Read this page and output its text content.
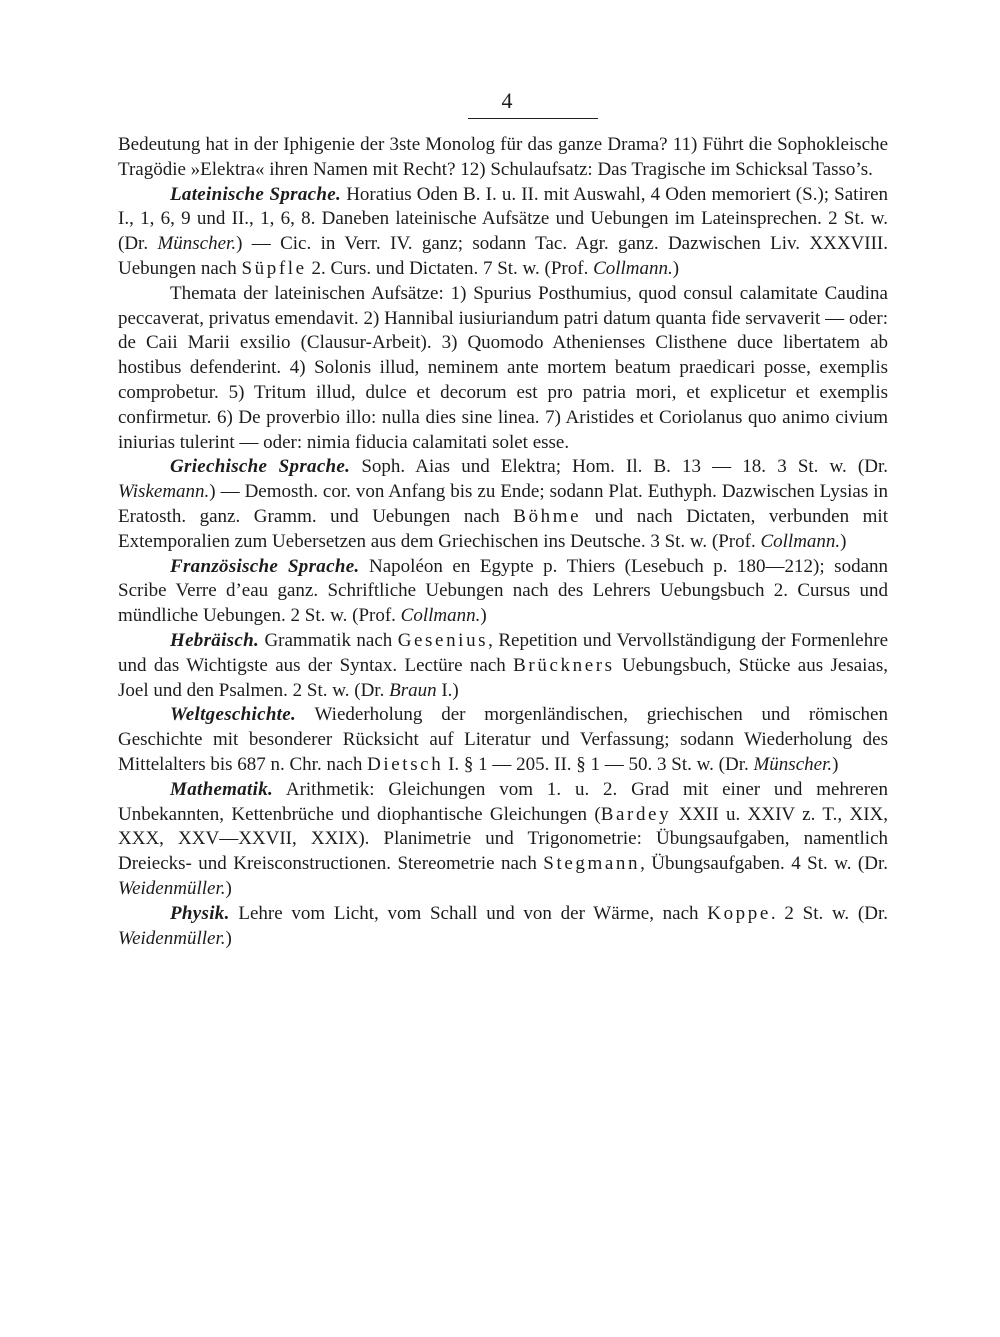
4

Bedeutung hat in der Iphigenie der 3ste Monolog für das ganze Drama? 11) Führt die Sophokleische Tragödie »Elektra« ihren Namen mit Recht? 12) Schulaufsatz: Das Tragische im Schicksal Tasso’s.

Lateinische Sprache. Horatius Oden B. I. u. II. mit Auswahl, 4 Oden memoriert (S.); Satiren I., 1, 6, 9 und II., 1, 6, 8. Daneben lateinische Aufsätze und Uebungen im Lateinsprechen. 2 St. w. (Dr. Münscher.) — Cic. in Verr. IV. ganz; sodann Tac. Agr. ganz. Dazwischen Liv. XXXVIII. Uebungen nach Süpfle 2. Curs. und Dictaten. 7 St. w. (Prof. Collmann.)

Themata der lateinischen Aufsätze: 1) Spurius Posthumius, quod consul calamitate Caudina peccaverat, privatus emendavit. 2) Hannibal iusiuriandum patri datum quanta fide servaverit — oder: de Caii Marii exsilio (Clausur-Arbeit). 3) Quomodo Athenienses Clisthene duce libertatem ab hostibus defenderint. 4) Solonis illud, neminem ante mortem beatum praedicari posse, exemplis comprobetur. 5) Tritum illud, dulce et decorum est pro patria mori, et explicetur et exemplis confirmetur. 6) De proverbio illo: nulla dies sine linea. 7) Aristides et Coriolanus quo animo civium iniurias tulerint — oder: nimia fiducia calamitati solet esse.

Griechische Sprache. Soph. Aias und Elektra; Hom. Il. B. 13 — 18. 3 St. w. (Dr. Wiskemann.) — Demosth. cor. von Anfang bis zu Ende; sodann Plat. Euthyph. Dazwischen Lysias in Eratosth. ganz. Gramm. und Uebungen nach Böhme und nach Dictaten, verbunden mit Extemporalien zum Uebersetzen aus dem Griechischen ins Deutsche. 3 St. w. (Prof. Collmann.)

Französische Sprache. Napoléon en Egypte p. Thiers (Lesebuch p. 180—212); sodann Scribe Verre d’eau ganz. Schriftliche Uebungen nach des Lehrers Uebungsbuch 2. Cursus und mündliche Uebungen. 2 St. w. (Prof. Collmann.)

Hebräisch. Grammatik nach Gesenius, Repetition und Vervollständigung der Formenlehre und das Wichtigste aus der Syntax. Lectüre nach Brückners Uebungsbuch, Stücke aus Jesaias, Joel und den Psalmen. 2 St. w. (Dr. Braun I.)

Weltgeschichte. Wiederholung der morgenländischen, griechischen und römischen Geschichte mit besonderer Rücksicht auf Literatur und Verfassung; sodann Wiederholung des Mittelalters bis 687 n. Chr. nach Dietsch I. § 1 — 205. II. § 1 — 50. 3 St. w. (Dr. Münscher.)

Mathematik. Arithmetik: Gleichungen vom 1. u. 2. Grad mit einer und mehreren Unbekannten, Kettenbrüche und diophantische Gleichungen (Bardey XXII u. XXIV z. T., XIX, XXX, XXV—XXVII, XXIX). Planimetrie und Trigonometrie: Übungsaufgaben, namentlich Dreiecks- und Kreisconstructionen. Stereometrie nach Stegmann, Übungsaufgaben. 4 St. w. (Dr. Weidenmüller.)

Physik. Lehre vom Licht, vom Schall und von der Wärme, nach Koppe. 2 St. w. (Dr. Weidenmüller.)
